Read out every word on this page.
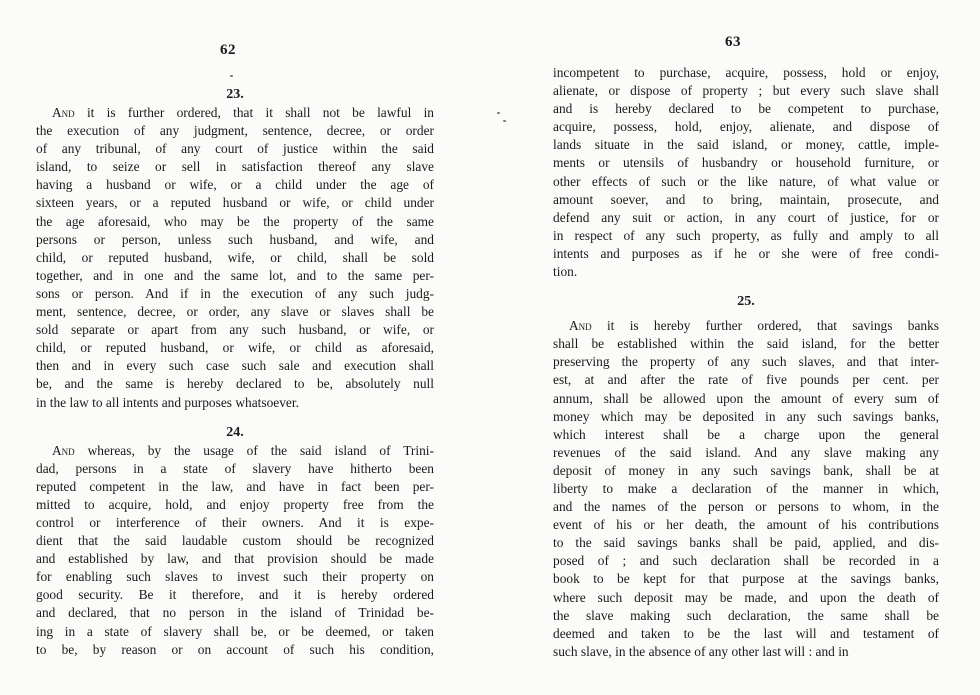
62
23.
And it is further ordered, that it shall not be lawful in
the execution of any judgment, sentence, decree, or order
of any tribunal, of any court of justice within the said
island, to seize or sell in satisfaction thereof any slave
having a husband or wife, or a child under the age of
sixteen years, or a reputed husband or wife, or child under
the age aforesaid, who may be the property of the same
persons or person, unless such husband, and wife, and
child, or reputed husband, wife, or child, shall be sold
together, and in one and the same lot, and to the same per-
sons or person. And if in the execution of any such judg-
ment, sentence, decree, or order, any slave or slaves shall be
sold separate or apart from any such husband, or wife, or
child, or reputed husband, or wife, or child as aforesaid,
then and in every such case such sale and execution shall
be, and the same is hereby declared to be, absolutely null
in the law to all intents and purposes whatsoever.
24.
And whereas, by the usage of the said island of Trini-
dad, persons in a state of slavery have hitherto been
reputed competent in the law, and have in fact been per-
mitted to acquire, hold, and enjoy property free from the
control or interference of their owners. And it is expe-
dient that the said laudable custom should be recognized
and established by law, and that provision should be made
for enabling such slaves to invest such their property on
good security. Be it therefore, and it is hereby ordered
and declared, that no person in the island of Trinidad be-
ing in a state of slavery shall be, or be deemed, or taken
to be, by reason or on account of such his condition,
63
incompetent to purchase, acquire, possess, hold or enjoy,
alienate, or dispose of property ; but every such slave shall
and is hereby declared to be competent to purchase,
acquire, possess, hold, enjoy, alienate, and dispose of
lands situate in the said island, or money, cattle, imple-
ments or utensils of husbandry or household furniture, or
other effects of such or the like nature, of what value or
amount soever, and to bring, maintain, prosecute, and
defend any suit or action, in any court of justice, for or
in respect of any such property, as fully and amply to all
intents and purposes as if he or she were of free condi-
tion.
25.
And it is hereby further ordered, that savings banks
shall be established within the said island, for the better
preserving the property of any such slaves, and that inter-
est, at and after the rate of five pounds per cent. per
annum, shall be allowed upon the amount of every sum of
money which may be deposited in any such savings banks,
which interest shall be a charge upon the general
revenues of the said island. And any slave making any
deposit of money in any such savings bank, shall be at
liberty to make a declaration of the manner in which,
and the names of the person or persons to whom, in the
event of his or her death, the amount of his contributions
to the said savings banks shall be paid, applied, and dis-
posed of ; and such declaration shall be recorded in a
book to be kept for that purpose at the savings banks,
where such deposit may be made, and upon the death of
the slave making such declaration, the same shall be
deemed and taken to be the last will and testament of
such slave, in the absence of any other last will : and in
